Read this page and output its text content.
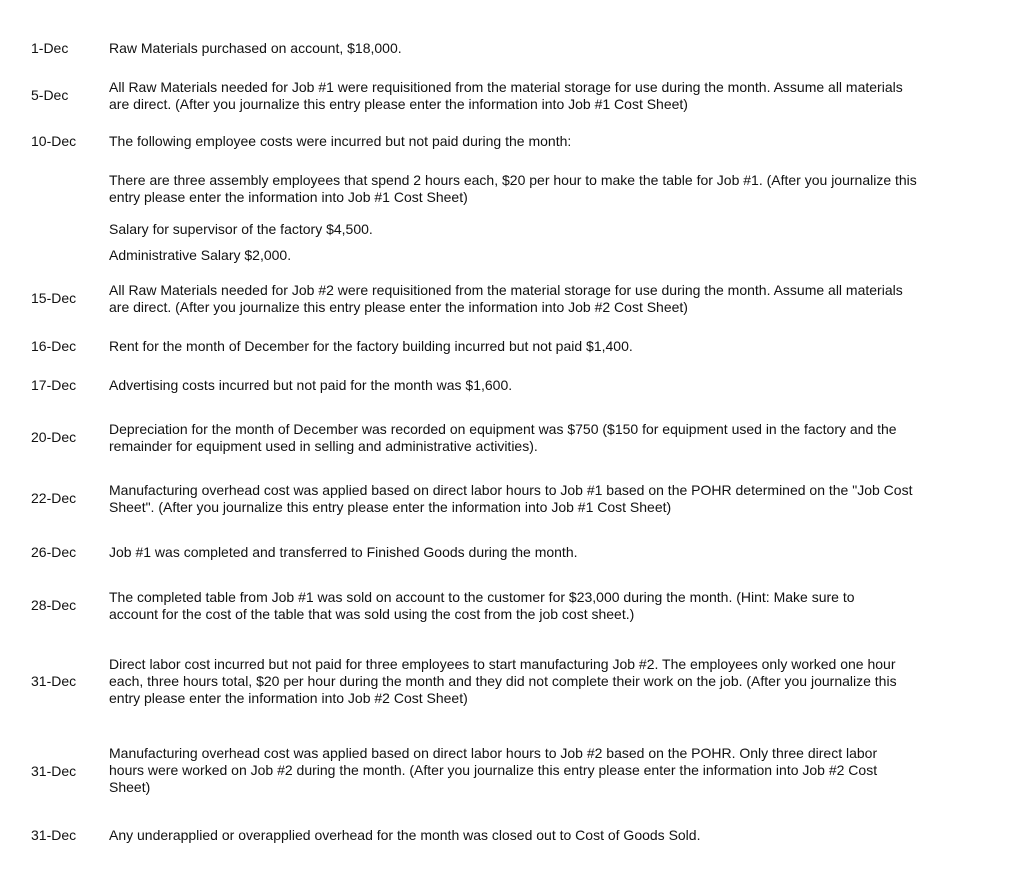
1-Dec	Raw Materials purchased on account, $18,000.
5-Dec	All Raw Materials needed for Job #1 were requisitioned from the material storage for use during the month. Assume all materials
are direct. (After you journalize this entry please enter the information into Job #1 Cost Sheet)
10-Dec	The following employee costs were incurred but not paid during the month:
There are three assembly employees that spend 2 hours each, $20 per hour to make the table for Job #1. (After you journalize this
entry please enter the information into Job #1 Cost Sheet)
Salary for supervisor of the factory $4,500.
Administrative Salary $2,000.
15-Dec	All Raw Materials needed for Job #2 were requisitioned from the material storage for use during the month. Assume all materials
are direct. (After you journalize this entry please enter the information into Job #2 Cost Sheet)
16-Dec	Rent for the month of December for the factory building incurred but not paid $1,400.
17-Dec	Advertising costs incurred but not paid for the month was $1,600.
20-Dec	Depreciation for the month of December was recorded on equipment was $750 ($150 for equipment used in the factory and the
remainder for equipment used in selling and administrative activities).
22-Dec	Manufacturing overhead cost was applied based on direct labor hours to Job #1 based on the POHR determined on the "Job Cost
Sheet". (After you journalize this entry please enter the information into Job #1 Cost Sheet)
26-Dec	Job #1 was completed and transferred to Finished Goods during the month.
28-Dec	The completed table from Job #1 was sold on account to the customer for $23,000 during the month. (Hint: Make sure to
account for the cost of the table that was sold using the cost from the job cost sheet.)
31-Dec
Direct labor cost incurred but not paid for three employees to start manufacturing Job #2. The employees only worked one hour
each, three hours total, $20 per hour during the month and they did not complete their work on the job. (After you journalize this
entry please enter the information into Job #2 Cost Sheet)
31-Dec
Manufacturing overhead cost was applied based on direct labor hours to Job #2 based on the POHR. Only three direct labor
hours were worked on Job #2 during the month. (After you journalize this entry please enter the information into Job #2 Cost
Sheet)
31-Dec	Any underapplied or overapplied overhead for the month was closed out to Cost of Goods Sold.
